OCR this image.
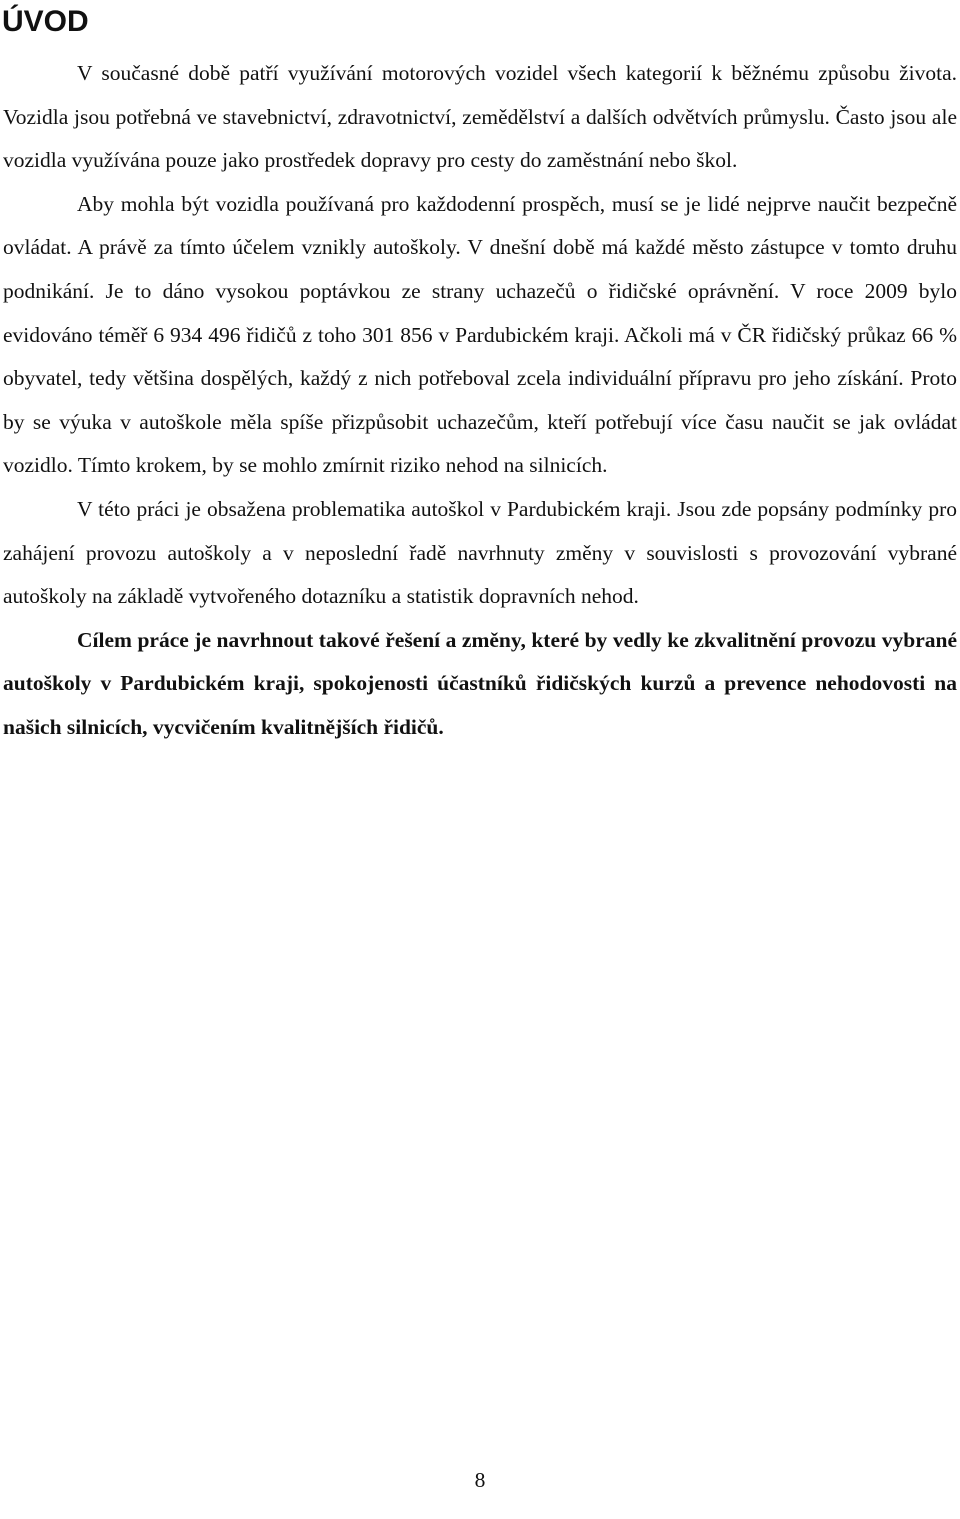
ÚVOD

V současné době patří využívání motorových vozidel všech kategorií k běžnému způsobu života. Vozidla jsou potřebná ve stavebnictví, zdravotnictví, zemědělství a dalších odvětvích průmyslu. Často jsou ale vozidla využívána pouze jako prostředek dopravy pro cesty do zaměstnání nebo škol.

Aby mohla být vozidla používaná pro každodenní prospěch, musí se je lidé nejprve naučit bezpečně ovládat. A právě za tímto účelem vznikly autoškoly. V dnešní době má každé město zástupce v tomto druhu podnikání. Je to dáno vysokou poptávkou ze strany uchazečů o řidičské oprávnění. V roce 2009 bylo evidováno téměř 6 934 496 řidičů z toho 301 856 v Pardubickém kraji. Ačkoli má v ČR řidičský průkaz 66 % obyvatel, tedy většina dospělých, každý z nich potřeboval zcela individuální přípravu pro jeho získání. Proto by se výuka v autoškole měla spíše přizpůsobit uchazečům, kteří potřebují více času naučit se jak ovládat vozidlo. Tímto krokem, by se mohlo zmírnit riziko nehod na silnicích.

V této práci je obsažena problematika autoškol v Pardubickém kraji. Jsou zde popsány podmínky pro zahájení provozu autoškoly a v neposlední řadě navrhnuty změny v souvislosti s provozování vybrané autoškoly na základě vytvořeného dotazníku a statistik dopravních nehod.

Cílem práce je navrhnout takové řešení a změny, které by vedly ke zkvalitnění provozu vybrané autoškoly v Pardubickém kraji, spokojenosti účastníků řidičských kurzů a prevence nehodovosti na našich silnicích, vycvičením kvalitnějších řidičů.

8
